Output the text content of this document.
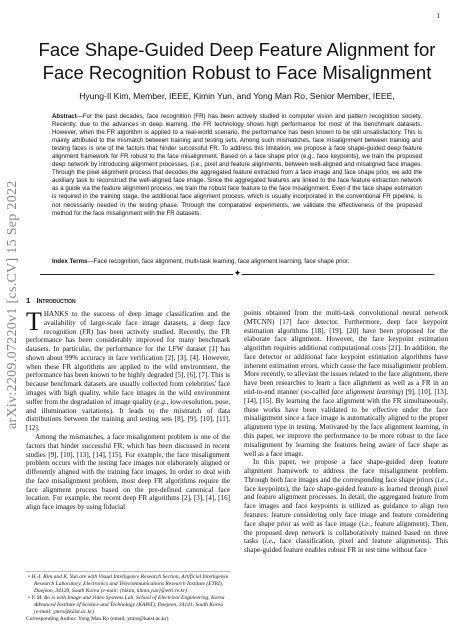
1
arXiv:2209.07220v1 [cs.CV] 15 Sep 2022
Face Shape-Guided Deep Feature Alignment for Face Recognition Robust to Face Misalignment
Hyung-Il Kim, Member, IEEE, Kimin Yun, and Yong Man Ro, Senior Member, IEEE,

Abstract—For the past decades, face recognition (FR) has been actively studied in computer vision and pattern recognition society. Recently, due to the advances in deep learning, the FR technology shows high performance for most of the benchmark datasets. However, when the FR algorithm is applied to a real-world scenario, the performance has been known to be still unsatisfactory. This is mainly attributed to the mismatch between training and testing sets. Among such mismatches, face misalignment between training and testing faces is one of the factors that hinder successful FR. To address this limitation, we propose a face shape-guided deep feature alignment framework for FR robust to the face misalignment. Based on a face shape prior (e.g., face keypoints), we train the proposed deep network by introducing alignment processes, (i.e., pixel and feature alignments, between well-aligned and misaligned face images. Through the pixel alignment process that decodes the aggregated feature extracted from a face image and face shape prior, we add the auxiliary task to reconstruct the well-aligned face image. Since the aggregated features are linked to the face feature extraction network as a guide via the feature alignment process, we train the robust face feature to the face misalignment. Even if the face shape estimation is required in the training stage, the additional face alignment process, which is usually incorporated in the conventional FR pipeline, is not necessarily needed in the testing phase. Through the comparative experiments, we validate the effectiveness of the proposed method for the face misalignment with the FR datasets.

Index Terms—Face recognition, face alignment, multi-task learning, face alignment learning, face shape prior.

✦
1 Introduction

THANKS to the success of deep image classification and the availability of large-scale face image datasets, a deep face recognition (FR) has been actively studied. Recently, the FR performance has been considerably improved for many benchmark datasets. In particular, the performance for the LFW dataset [1] has shown about 99% accuracy in face verification [2], [3], [4]. However, when these FR algorithms are applied to the wild environment, the performance has been known to be highly degraded [5], [6], [7]. This is because benchmark datasets are usually collected from celebrities' face images with high quality, while face images in the wild environment suffer from the degradation of image quality (e.g., low-resolution, pose, and illumination variations). It leads to the mismatch of data distributions between the training and testing sets [8], [9], [10], [11], [12].

Among the mismatches, a face misalignment problem is one of the factors that hinder successful FR, which has been discussed in recent studies [9], [10], [13], [14], [15]. For example, the face misalignment problem occurs with the testing face images not elaborately aligned or differently aligned with the training face images. In order to deal with the face misalignment problem, most deep FR algorithms require the face alignment process based on the pre-defined canonical face location. For example, the recent deep FR algorithms [2], [3], [4], [16] align face images by using fiducial

• H.-I. Kim and K. Yun are with Visual Intelligence Research Section, Artificial Intelligence Research Laboratory, Electronics and Telecommunications Research Institute (ETRI), Daejeon, 34129, South Korea (e-mail: {hikim, kimin.yun}@etri.re.kr)

• Y. M. Ro is with Image and Video Systems Lab, School of Electrical Engineering, Korea Advanced Institute of Science and Technology (KAIST), Daejeon, 34141, South Korea (e-mail: ymro@kaist.ac.kr)

Corresponding Author: Yong Man Ro (email: ymro@kaist.ac.kr)

points obtained from the multi-task convolutional neural network (MTCNN) [17] face detector. Furthermore, deep face keypoint estimation algorithms [18], [19], [20] have been proposed for the elaborate face alignment. However, the face keypoint estimation algorithm requires additional computational costs [21]. In addition, the face detector or additional face keypoint estimation algorithms have inherent estimation errors, which cause the face misalignment problem. More recently, to alleviate the issues related to the face alignment, there have been researches to learn a face alignment as well as a FR in an end-to-end manner (so-called face alignment learning) [9], [10], [13], [14], [15]. By learning the face alignment with the FR simultaneously, these works have been validated to be effective under the face misalignment since a face image is automatically aligned to the proper alignment type in testing. Motivated by the face alignment learning, in this paper, we improve the performance to be more robust to the face misalignment by learning the features being aware of face shape as well as a face image.

In this paper, we propose a face shape-guided deep feature alignment framework to address the face misalignment problem. Through both face images and the corresponding face shape priors (i.e., face keypoints), the face shape-guided feature is learned through pixel and feature alignment processes. In detail, the aggregated feature from face images and face keypoints is utilized as guidance to align two features: feature considering only face image and feature considering face shape prior as well as face image (i.e., feature alignment). Then, the proposed deep network is collaboratively trained based on three tasks (i.e., face classification, pixel and feature alignments). This shape-guided feature enables robust FR in test time without face
